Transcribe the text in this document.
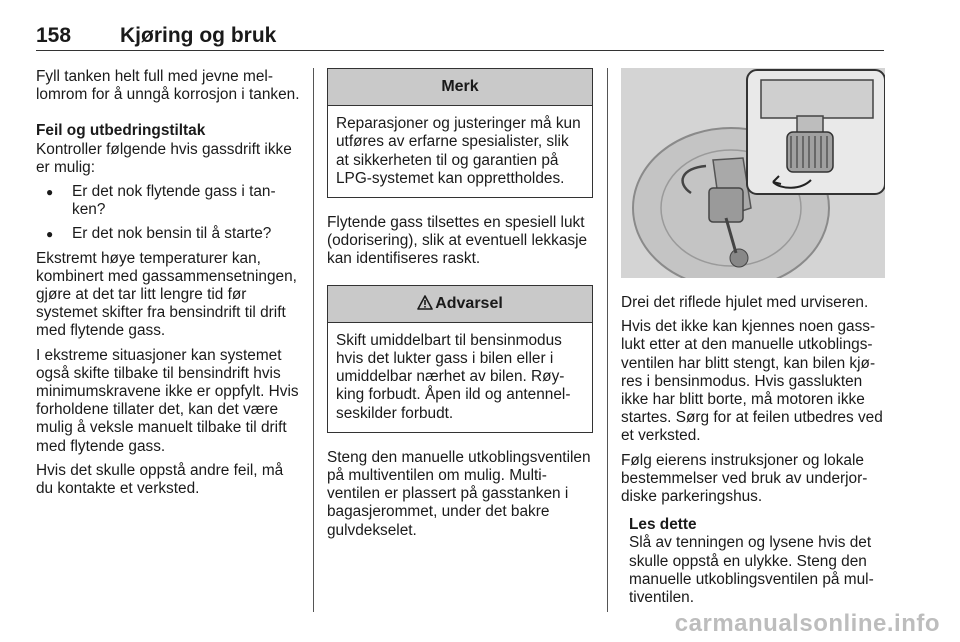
158 Kjøring og bruk

Fyll tanken helt full med jevne mellomrom for å unngå korrosjon i tanken.

Feil og utbedringstiltak

Kontroller følgende hvis gassdrift ikke er mulig:

● Er det nok flytende gass i tanken?
● Er det nok bensin til å starte?

Ekstremt høye temperaturer kan, kombinert med gassammensetningen, gjøre at det tar litt lengre tid før systemet skifter fra bensindrift til drift med flytende gass.

I ekstreme situasjoner kan systemet også skifte tilbake til bensindrift hvis minimumskravene ikke er oppfylt. Hvis forholdene tillater det, kan det være mulig å veksle manuelt tilbake til drift med flytende gass.

Hvis det skulle oppstå andre feil, må du kontakte et verksted.

Merk
Reparasjoner og justeringer må kun utføres av erfarne spesialister, slik at sikkerheten til og garantien på LPG-systemet kan opprettholdes.

Flytende gass tilsettes en spesiell lukt (odorisering), slik at eventuell lekkasje kan identifiseres raskt.

Advarsel
Skift umiddelbart til bensinmodus hvis det lukter gass i bilen eller i umiddelbar nærhet av bilen. Røyking forbudt. Åpen ild og antennelseskilder forbudt.

Steng den manuelle utkoblingsventilen på multiventilen om mulig. Multiventilen er plassert på gasstanken i bagasjerommet, under det bakre gulvdekselet.

Drei det riflede hjulet med urviseren.

Hvis det ikke kan kjennes noen gasslukt etter at den manuelle utkoblingsventilen har blitt stengt, kan bilen kjøres i bensinmodus. Hvis gasslukten ikke har blitt borte, må motoren ikke startes. Sørg for at feilen utbedres ved et verksted.

Følg eierens instruksjoner og lokale bestemmelser ved bruk av underjordiske parkeringshus.

Les dette
Slå av tenningen og lysene hvis det skulle oppstå en ulykke. Steng den manuelle utkoblingsventilen på multiventilen.
carmanualsonline.info
